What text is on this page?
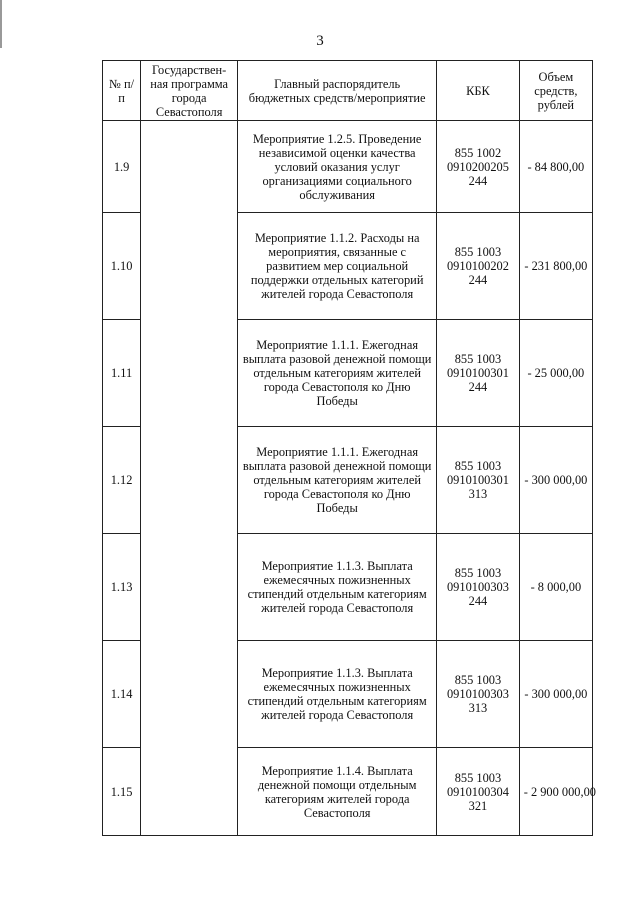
3
№ п/п	Государствен-ная программа города Севастополя	Главный распорядитель бюджетных средств/мероприятие	КБК	Объем средств, рублей
1.9		Мероприятие 1.2.5. Проведение независимой оценки качества условий оказания услуг организациями социального обслуживания	855 1002
0910200205
244	- 84 800,00
1.10		Мероприятие 1.1.2. Расходы на мероприятия, связанные с развитием мер социальной поддержки отдельных категорий жителей города Севастополя	855 1003
0910100202
244	- 231 800,00
1.11		Мероприятие 1.1.1. Ежегодная выплата разовой денежной помощи отдельным категориям жителей города Севастополя ко Дню Победы	855 1003
0910100301
244	- 25 000,00
1.12		Мероприятие 1.1.1. Ежегодная выплата разовой денежной помощи отдельным категориям жителей города Севастополя ко Дню Победы	855 1003
0910100301
313	- 300 000,00
1.13		Мероприятие 1.1.3. Выплата ежемесячных пожизненных стипендий отдельным категориям жителей города Севастополя	855 1003
0910100303
244	- 8 000,00
1.14		Мероприятие 1.1.3. Выплата ежемесячных пожизненных стипендий отдельным категориям жителей города Севастополя	855 1003
0910100303
313	- 300 000,00
1.15		Мероприятие 1.1.4. Выплата денежной помощи отдельным категориям жителей города Севастополя	855 1003
0910100304
321	- 2 900 000,00
